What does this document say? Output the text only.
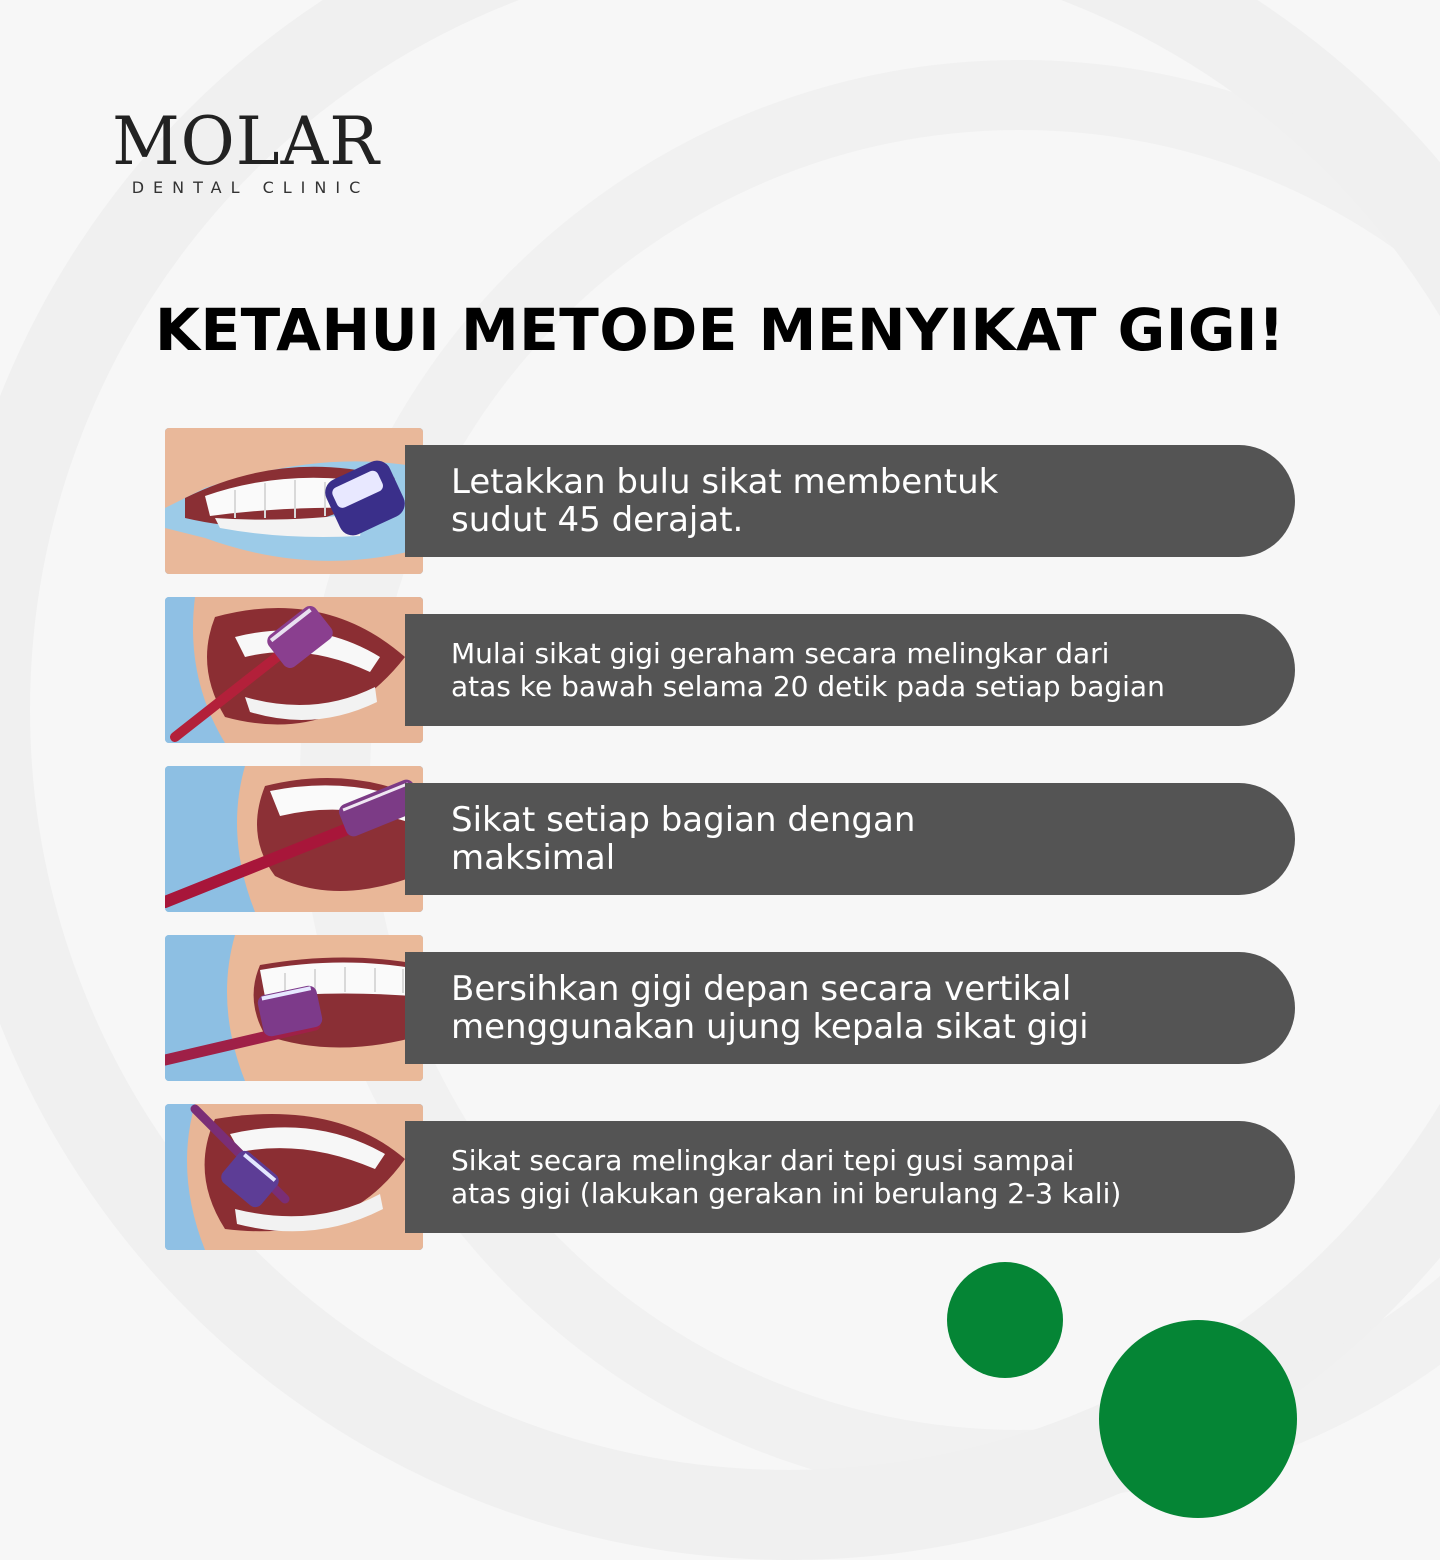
MOLAR
DENTAL CLINIC
KETAHUI METODE MENYIKAT GIGI!
Letakkan bulu sikat membentuk
sudut 45 derajat.
Mulai sikat gigi geraham secara melingkar dari
atas ke bawah selama 20 detik pada setiap bagian
Sikat setiap bagian dengan
maksimal
Bersihkan gigi depan secara vertikal
menggunakan ujung kepala sikat gigi
Sikat secara melingkar dari tepi gusi sampai
atas gigi (lakukan gerakan ini berulang 2-3 kali)
